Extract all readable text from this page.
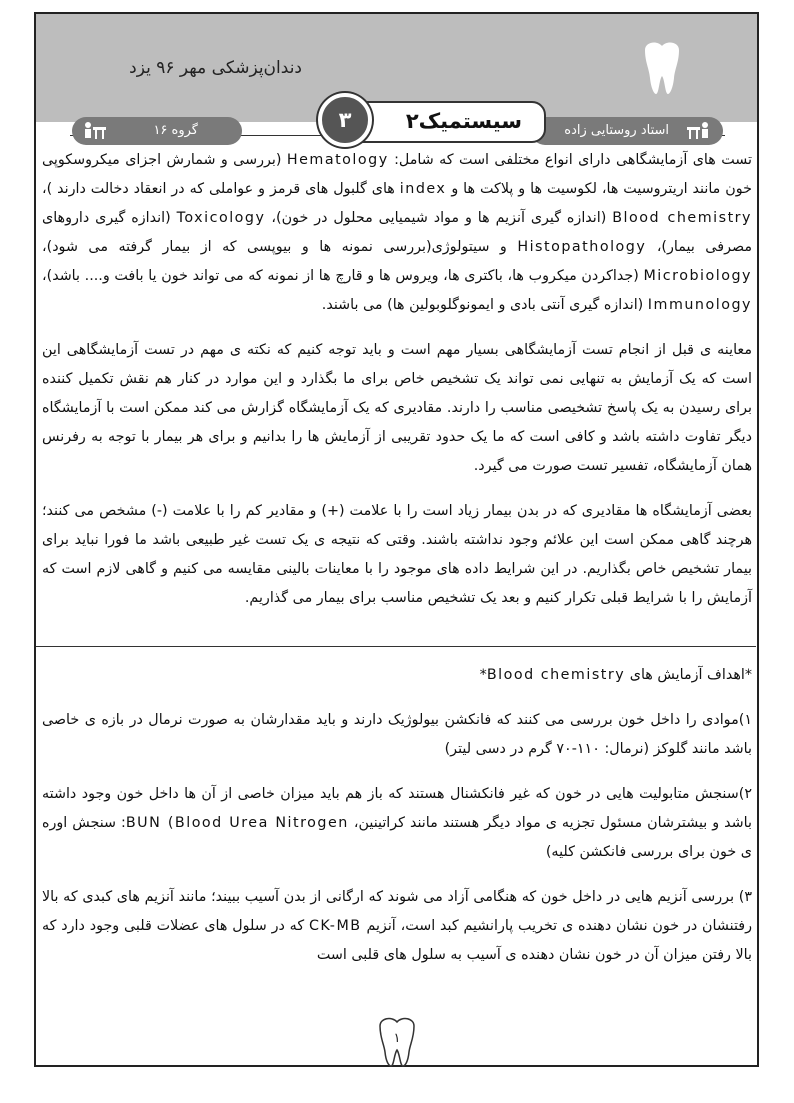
دندان‌پزشکی مهر ۹۶ یزد
گروه ۱۶	استاد روستایی زاده
سیستمیک۲
۳

تست های آزمایشگاهی دارای انواع مختلفی است که شامل: Hematology (بررسی و شمارش اجزای میکروسکوپی خون مانند اریتروسیت ها، لکوسیت ها و پلاکت ها و index های گلبول های قرمز و عواملی که در انعقاد دخالت دارند )، Blood chemistry (اندازه گیری آنزیم ها و مواد شیمیایی محلول در خون)، Toxicology (اندازه گیری داروهای مصرفی بیمار)، Histopathology و سیتولوژی(بررسی نمونه ها و بیوپسی که از بیمار گرفته می شود)، Microbiology (جداکردن میکروب ها، باکتری ها، ویروس ها و قارچ ها از نمونه که می تواند خون یا بافت و.... باشد)، Immunology (اندازه گیری آنتی بادی و ایمونوگلوبولین ها) می باشند.

معاینه ی قبل از انجام تست آزمایشگاهی بسیار مهم است و باید توجه کنیم که نکته ی مهم در تست آزمایشگاهی این است که یک آزمایش به تنهایی نمی تواند یک تشخیص خاص برای ما بگذارد و این موارد در کنار هم نقش تکمیل کننده برای رسیدن به یک پاسخ تشخیصی مناسب را دارند. مقادیری که یک آزمایشگاه گزارش می کند ممکن است با آزمایشگاه دیگر تفاوت داشته باشد و کافی است که ما یک حدود تقریبی از آزمایش ها را بدانیم و برای هر بیمار با توجه به رفرنس همان آزمایشگاه، تفسیر تست صورت می گیرد.

بعضی آزمایشگاه ها مقادیری که در بدن بیمار زیاد است را با علامت (+) و مقادیر کم را با علامت (-) مشخص می کنند؛ هرچند گاهی ممکن است این علائم وجود نداشته باشند. وقتی که نتیجه ی یک تست غیر طبیعی باشد ما فورا نباید برای بیمار تشخیص خاص بگذاریم. در این شرایط داده های موجود را با معاینات بالینی مقایسه می کنیم و گاهی لازم است که آزمایش را با شرایط قبلی تکرار کنیم و بعد یک تشخیص مناسب برای بیمار می گذاریم.

*اهداف آزمایش های Blood chemistry*

۱)موادی را داخل خون بررسی می کنند که فانکشن بیولوژیک دارند و باید مقدارشان به صورت نرمال در بازه ی خاصی باشد مانند گلوکز (نرمال: ۱۱۰-۷۰ گرم در دسی لیتر)

۲)سنجش متابولیت هایی در خون که غیر فانکشنال هستند که باز هم باید میزان خاصی از آن ها داخل خون وجود داشته باشد و بیشترشان مسئول تجزیه ی مواد دیگر هستند مانند کراتینین، BUN (Blood Urea Nitrogen: سنجش اوره ی خون برای بررسی فانکشن کلیه)

۳) بررسی آنزیم هایی در داخل خون که هنگامی آزاد می شوند که ارگانی از بدن آسیب ببیند؛ مانند آنزیم های کبدی که بالا رفتنشان در خون نشان دهنده ی تخریب پارانشیم کبد است، آنزیم CK-MB که در سلول های عضلات قلبی وجود دارد که بالا رفتن میزان آن در خون نشان دهنده ی آسیب به سلول های قلبی است

۱
